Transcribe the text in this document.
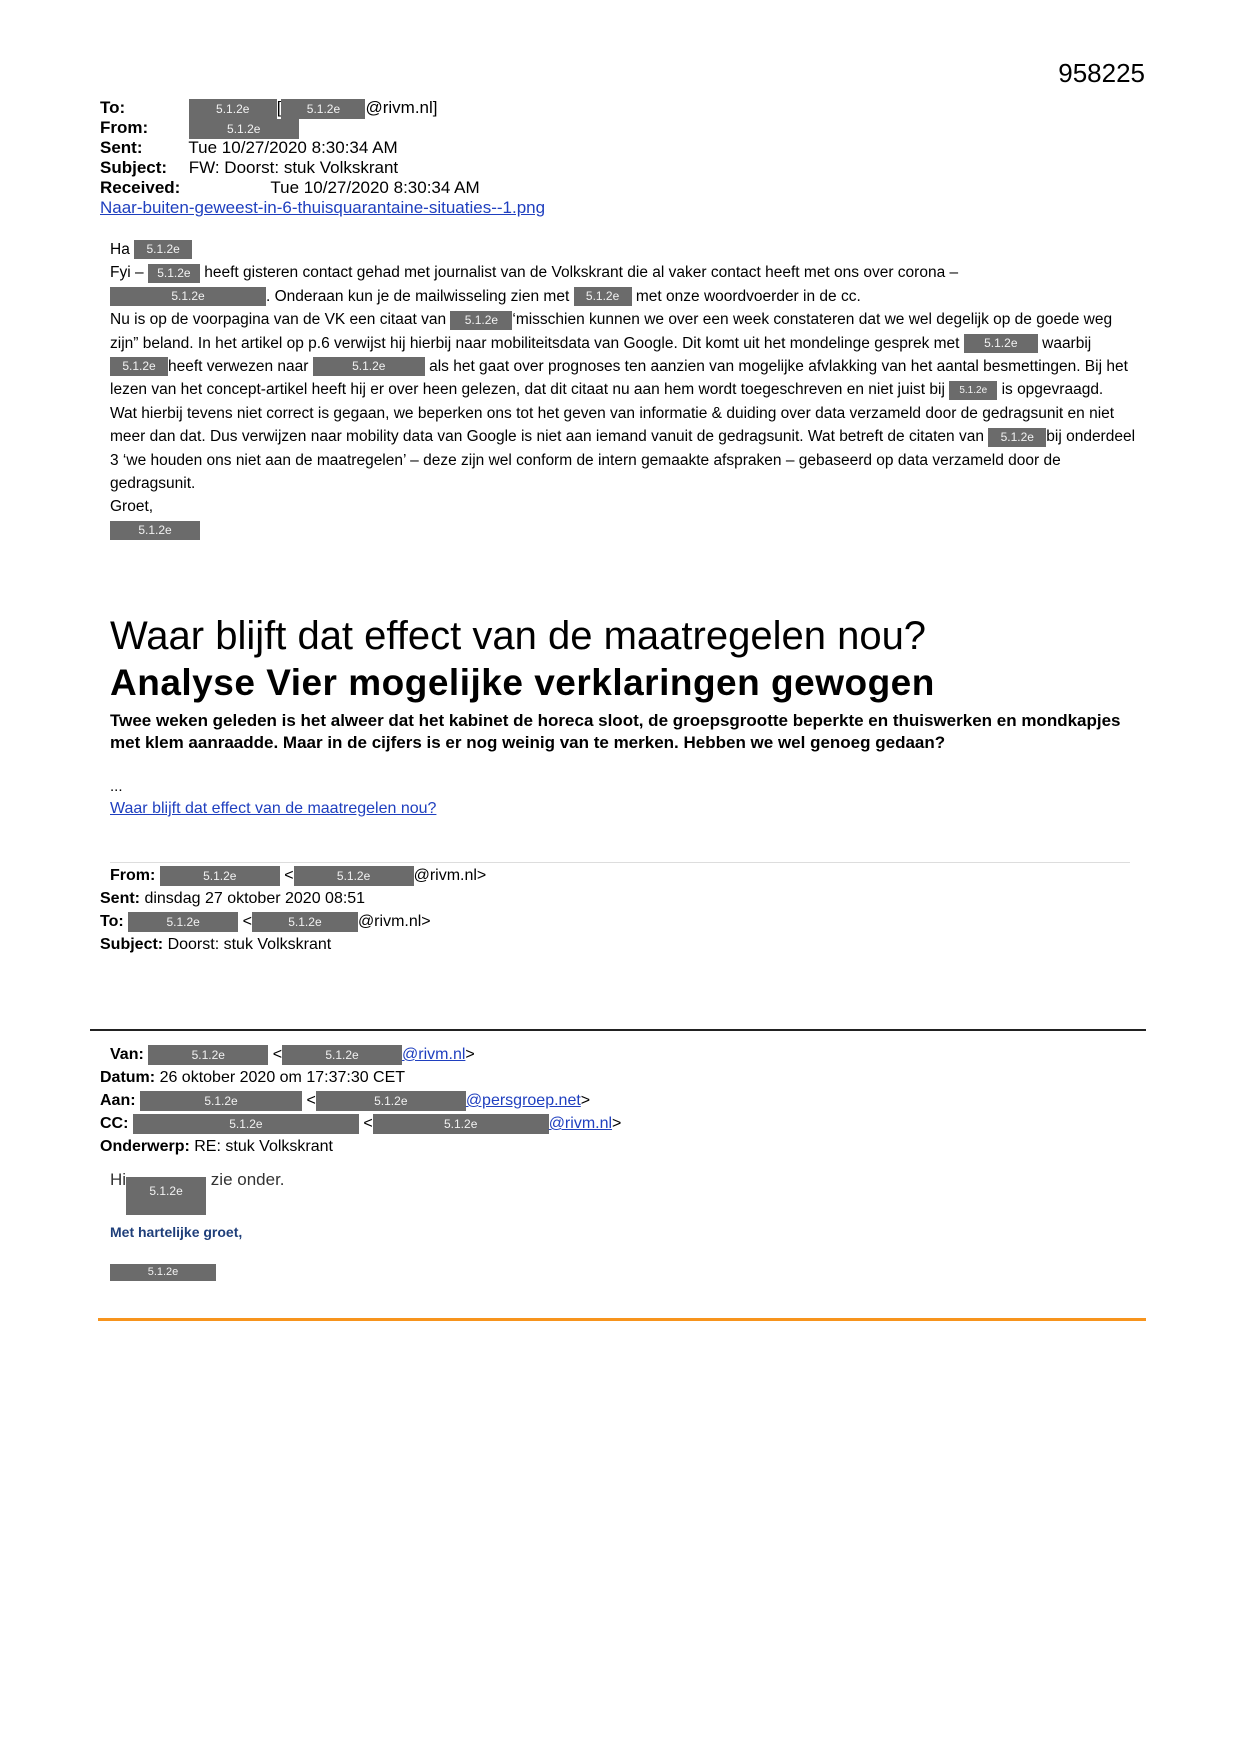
958225
To:	5.1.2e [ 5.1.2e @rivm.nl]
From:	5.1.2e
Sent:	Tue 10/27/2020 8:30:34 AM
Subject: FW: Doorst: stuk Volkskrant
Received:	Tue 10/27/2020 8:30:34 AM
Naar-buiten-geweest-in-6-thuisquarantaine-situaties--1.png
Ha 5.1.2e
Fyi – 5.1.2e heeft gisteren contact gehad met journalist van de Volkskrant die al vaker contact heeft met ons over corona –
5.1.2e	. Onderaan kun je de mailwisseling zien met 5.1.2e met onze woordvoerder in de cc.
Nu is op de voorpagina van de VK een citaat van 5.1.2e ‘misschien kunnen we over een week constateren dat we wel degelijk op de goede weg zijn” beland. In het artikel op p.6 verwijst hij hierbij naar mobiliteitsdata van Google. Dit komt uit het mondelinge gesprek met 5.1.2e waarbij5.1.2e heeft verwezen naar	5.1.2e	als het gaat over prognoses ten aanzien van mogelijke afvlakking van het aantal besmettingen. Bij het lezen van het concept-artikel heeft hij er over heen gelezen, dat dit citaat nu aan hem wordt toegeschreven en niet juist bij 5.1.2e is opgevraagd.
Wat hierbij tevens niet correct is gegaan, we beperken ons tot het geven van informatie & duiding over data verzameld door de gedragsunit en niet meer dan dat. Dus verwijzen naar mobility data van Google is niet aan iemand vanuit de gedragsunit. Wat betreft de citaten van 5.1.2e bij onderdeel 3 ‘we houden ons niet aan de maatregelen’ – deze zijn wel conform de intern gemaakte afspraken – gebaseerd op data verzameld door de gedragsunit.
Groet,
5.1.2e
Waar blijft dat effect van de maatregelen nou?
Analyse Vier mogelijke verklaringen gewogen
Twee weken geleden is het alweer dat het kabinet de horeca sloot, de groepsgrootte beperkte en thuiswerken en mondkapjes met klem aanraadde. Maar in de cijfers is er nog weinig van te merken. Hebben we wel genoeg gedaan?
...
Waar blijft dat effect van de maatregelen nou?
From:	5.1.2e	<	5.1.2e	@rivm.nl>
Sent: dinsdag 27 oktober 2020 08:51
To:	5.1.2e	<	5.1.2e @rivm.nl>
Subject: Doorst: stuk Volkskrant
Van:	5.1.2e	<	5.1.2e	@rivm.nl>
Datum: 26 oktober 2020 om 17:37:30 CET
Aan:	5.1.2e	<	5.1.2e	@persgroep.net>
CC:	5.1.2e	<	5.1.2e	@rivm.nl>
Onderwerp: RE: stuk Volkskrant
Hi5.1.2e zie onder.
Met hartelijke groet,
5.1.2e
